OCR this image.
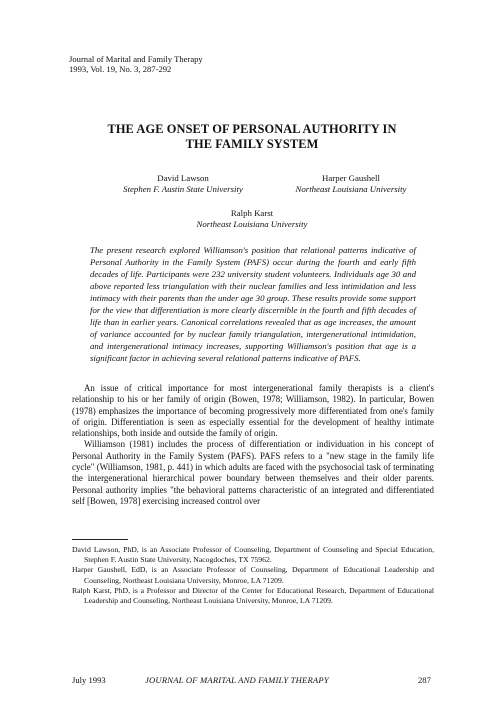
Journal of Marital and Family Therapy
1993, Vol. 19, No. 3, 287-292
THE AGE ONSET OF PERSONAL AUTHORITY IN
THE FAMILY SYSTEM
David Lawson
Stephen F. Austin State University
Harper Gaushell
Northeast Louisiana University
Ralph Karst
Northeast Louisiana University
The present research explored Williamson's position that relational patterns indicative of Personal Authority in the Family System (PAFS) occur during the fourth and early fifth decades of life. Participants were 232 university student volunteers. Individuals age 30 and above reported less triangulation with their nuclear families and less intimidation and less intimacy with their parents than the under age 30 group. These results provide some support for the view that differentiation is more clearly discernible in the fourth and fifth decades of life than in earlier years. Canonical correlations revealed that as age increases, the amount of variance accounted for by nuclear family triangulation, intergenerational intimidation, and intergenerational intimacy increases, supporting Williamson's position that age is a significant factor in achieving several relational patterns indicative of PAFS.

An issue of critical importance for most intergenerational family therapists is a client's relationship to his or her family of origin (Bowen, 1978; Williamson, 1982). In particular, Bowen (1978) emphasizes the importance of becoming progressively more differentiated from one's family of origin. Differentiation is seen as especially essential for the development of healthy intimate relationships, both inside and outside the family of origin.

Williamson (1981) includes the process of differentiation or individuation in his concept of Personal Authority in the Family System (PAFS). PAFS refers to a "new stage in the family life cycle" (Williamson, 1981, p. 441) in which adults are faced with the psychosocial task of terminating the intergenerational hierarchical power boundary between themselves and their older parents. Personal authority implies "the behavioral patterns characteristic of an integrated and differentiated self [Bowen, 1978] exercising increased control over

David Lawson, PhD, is an Associate Professor of Counseling, Department of Counseling and Special Education, Stephen F. Austin State University, Nacogdoches, TX 75962.

Harper Gaushell, EdD, is an Associate Professor of Counseling, Department of Educational Leadership and Counseling, Northeast Louisiana University, Monroe, LA 71209.

Ralph Karst, PhD, is a Professor and Director of the Center for Educational Research, Department of Educational Leadership and Counseling, Northeast Louisiana University, Monroe, LA 71209.

July 1993	JOURNAL OF MARITAL AND FAMILY THERAPY	287
